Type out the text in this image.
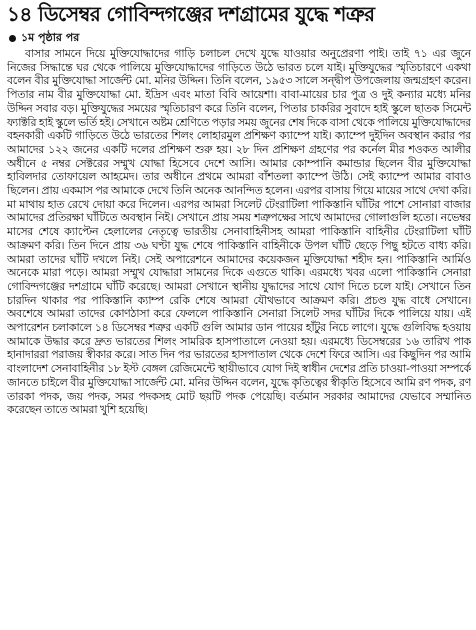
১৪ ডিসেম্বর গোবিন্দগঞ্জের দশগ্রামের যুদ্ধে শত্রুর
১ম পৃষ্ঠার পর

বাসার সামনে দিয়ে মুক্তিযোদ্ধাদের গাড়ি চলাচল দেখে যুদ্ধে যাওয়ার অনুপ্রেরণা পাই। তাই ৭১ এর জুনে নিজের সিদ্ধান্তে ঘর থেকে পালিয়ে মুক্তিযোদ্ধাদের গাড়িতে উঠে ভারত চলে যাই। মুক্তিযুদ্ধের স্মৃতিচারণে একথা বলেন বীর মুক্তিযোদ্ধা সার্জেন্ট মো. মনির উদ্দিন। তিনি বলেন, ১৯৫৩ সালে সন্দ্বীপ উপজেলায় জন্মগ্রহণ করেন। পিতার নাম বীর মুক্তিযোদ্ধা মো. ইদ্রিস এবং মাতা বিবি আয়েশা। বাবা-মায়ের চার পুত্র ও দুই কন্যার মধ্যে মনির উদ্দিন সবার বড়। মুক্তিযুদ্ধের সময়ের স্মৃতিচারণ করে তিনি বলেন, পিতার চাকরির সুবাদে হাই স্কুলে ছাতক সিমেন্ট ফ্যাক্টরি হাই স্কুলে ভর্তি হই। সেখানে অষ্টম শ্রেণিতে পড়ার সময় জুনের শেষ দিকে বাসা থেকে পালিয়ে মুক্তিযোদ্ধাদের বহনকারী একটি গাড়িতে উঠে ভারতের শিলং লোহারমুল প্রশিক্ষণ ক্যাম্পে যাই। ক্যাম্পে দুইদিন অবস্থান করার পর আমাদের ১২২ জনের একটি দলের প্রশিক্ষণ শুরু হয়। ২৮ দিন প্রশিক্ষণ গ্রহণের পর কর্নেল মীর শওকত আলীর অধীনে ৫ নম্বর সেক্টরের সম্মুখ যোদ্ধা হিসেবে দেশে আসি। আমার কোম্পানি কমান্ডার ছিলেন বীর মুক্তিযোদ্ধা হাবিলদার তোফায়েল আহমেদ। তার অধীনে প্রথমে আমরা বাঁশতলা ক্যাম্পে উঠি। সেই ক্যাম্পে আমার বাবাও ছিলেন। প্রায় একমাস পর আমাকে দেখে তিনি অনেক আনন্দিত হলেন। এরপর বাসায় গিয়ে মায়ের সাথে দেখা করি। মা মাথায় হাত রেখে দোয়া করে দিলেন। এরপর আমরা সিলেট টেংরাটিলা পাকিস্তানি ঘাঁটির পাশে সোনারা বাজার আমাদের প্রতিরক্ষা ঘাঁটিতে অবস্থান নিই। সেখানে প্রায় সময় শত্রুপক্ষের সাথে আমাদের গোলাগুলি হতো। নভেম্বর মাসের শেষে ক্যাপ্টেন হেলালের নেতৃত্বে ভারতীয় সেনাবাহিনীসহ আমরা পাকিস্তানি বাহিনীর টেংরাটিলা ঘাঁটি আক্রমণ করি। তিন দিনে প্রায় ৩৬ ঘণ্টা যুদ্ধ শেষে পাকিস্তানি বাহিনীকে উপল ঘাঁটি ছেড়ে পিছু হটতে বাধ্য করি। আমরা তাদের ঘাঁটি দখলে নিই। সেই অপারেশনে আমাদের কয়েকজন মুক্তিযোদ্ধা শহীদ হন। পাকিস্তানি আর্মিও অনেকে মারা পড়ে। আমরা সম্মুখ যোদ্ধারা সামনের দিকে এগুতে থাকি। এরমধ্যে খবর এলো পাকিস্তানি সেনারা গোবিন্দগঞ্জের দশগ্রামে ঘাঁটি করেছে। আমরা সেখানে স্থানীয় যুদ্ধাদের সাথে যোগ দিতে চলে যাই। সেখানে তিন চারদিন থাকার পর পাকিস্তানি ক্যাম্প রেকি শেষে আমরা যৌথভাবে আক্রমণ করি। প্রচণ্ড যুদ্ধ বাধে সেখানে। অবশেষে আমরা তাদের কোণঠাসা করে ফেললে পাকিস্তানি সেনারা সিলেট সদর ঘাঁটির দিকে পালিয়ে যায়। এই অপারেশন চলাকালে ১৪ ডিসেম্বর শত্রুর একটি গুলি আমার ডান পায়ের হাঁটুর নিচে লাগে। যুদ্ধে গুলিবিদ্ধ হওয়ায় আমাকে উদ্ধার করে দ্রুত ভারতের শিলং সামরিক হাসপাতালে নেওয়া হয়। এরমধ্যে ডিসেম্বরের ১৬ তারিখ পাক হানাদাররা পরাজয় স্বীকার করে। সাত দিন পর ভারতের হাসপাতাল থেকে দেশে ফিরে আসি। এর কিছুদিন পর আমি বাংলাদেশ সেনাবাহিনীর ১৮ ইস্ট বেঙ্গল রেজিমেন্টে স্থায়ীভাবে যোগ দিই স্বাধীন দেশের প্রতি চাওয়া-পাওয়া সম্পর্কে জানতে চাইলে বীর মুক্তিযোদ্ধা সার্জেন্ট মো. মনির উদ্দিন বলেন, যুদ্ধে কৃতিত্বের স্বীকৃতি হিসেবে আমি রণ পদক, রণ তারকা পদক, জয় পদক, সমর পদকসহ মোট ছয়টি পদক পেয়েছি। বর্তমান সরকার আমাদের যেভাবে সম্মানিত করেছেন তাতে আমরা খুশি হয়েছি।
